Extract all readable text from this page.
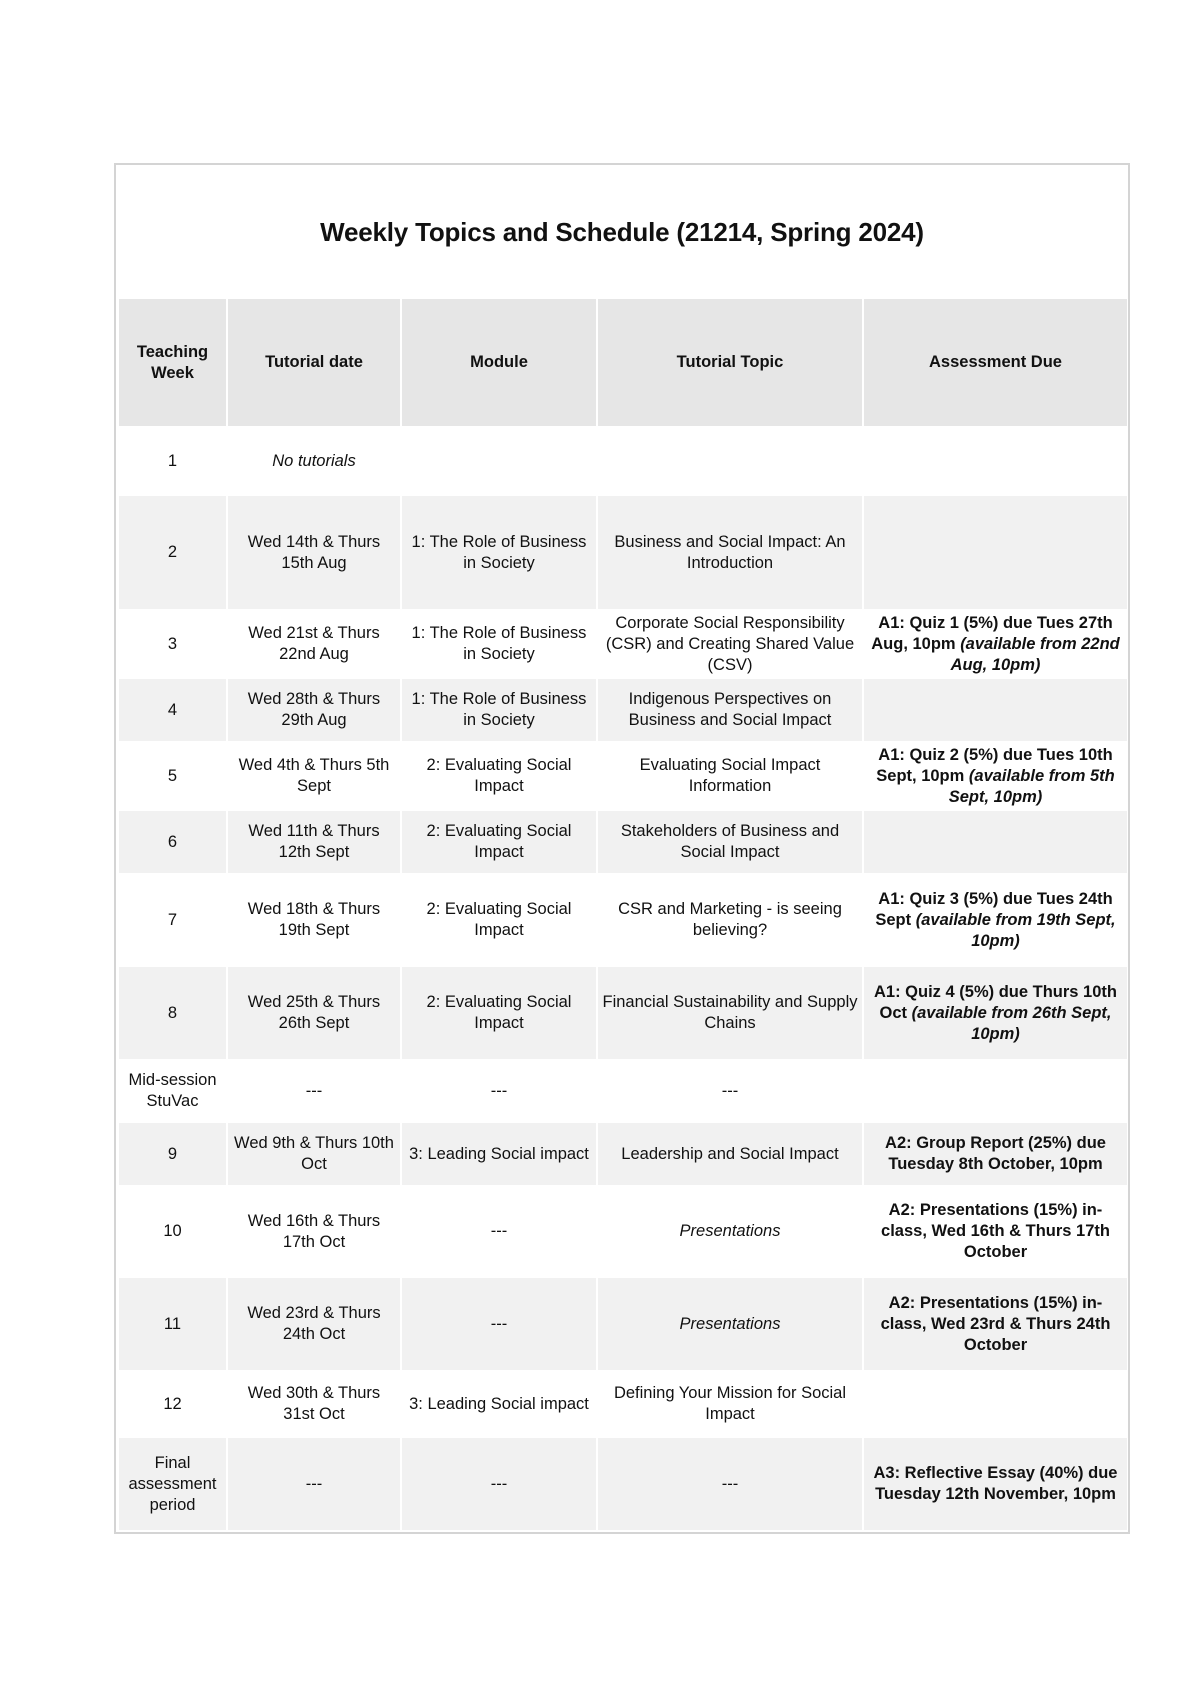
Weekly Topics and Schedule (21214, Spring 2024)
Teaching Week	Tutorial date	Module	Tutorial Topic	Assessment Due
1	No tutorials			
2	Wed 14th & Thurs 15th Aug	1: The Role of Business in Society	Business and Social Impact: An Introduction	
3	Wed 21st & Thurs 22nd Aug	1: The Role of Business in Society	Corporate Social Responsibility (CSR) and Creating Shared Value (CSV)	A1: Quiz 1 (5%) due Tues 27th Aug, 10pm (available from 22nd Aug, 10pm)
4	Wed 28th & Thurs 29th Aug	1: The Role of Business in Society	Indigenous Perspectives on Business and Social Impact	
5	Wed 4th & Thurs 5th Sept	2: Evaluating Social Impact	Evaluating Social Impact Information	A1: Quiz 2 (5%) due Tues 10th Sept, 10pm (available from 5th Sept, 10pm)
6	Wed 11th & Thurs 12th Sept	2: Evaluating Social Impact	Stakeholders of Business and Social Impact	
7	Wed 18th & Thurs 19th Sept	2: Evaluating Social Impact	CSR and Marketing - is seeing believing?	A1: Quiz 3 (5%) due Tues 24th Sept (available from 19th Sept, 10pm)
8	Wed 25th & Thurs 26th Sept	2: Evaluating Social Impact	Financial Sustainability and Supply Chains	A1: Quiz 4 (5%) due Thurs 10th Oct (available from 26th Sept, 10pm)
Mid-session StuVac	---	---	---	
9	Wed 9th & Thurs 10th Oct	3: Leading Social impact	Leadership and Social Impact	A2: Group Report (25%) due Tuesday 8th October, 10pm
10	Wed 16th & Thurs 17th Oct	---	Presentations	A2: Presentations (15%) in-class, Wed 16th & Thurs 17th October
11	Wed 23rd & Thurs 24th Oct	---	Presentations	A2: Presentations (15%) in-class, Wed 23rd & Thurs 24th October
12	Wed 30th & Thurs 31st Oct	3: Leading Social impact	Defining Your Mission for Social Impact	
Final assessment period	---	---	---	A3: Reflective Essay (40%) due Tuesday 12th November, 10pm
